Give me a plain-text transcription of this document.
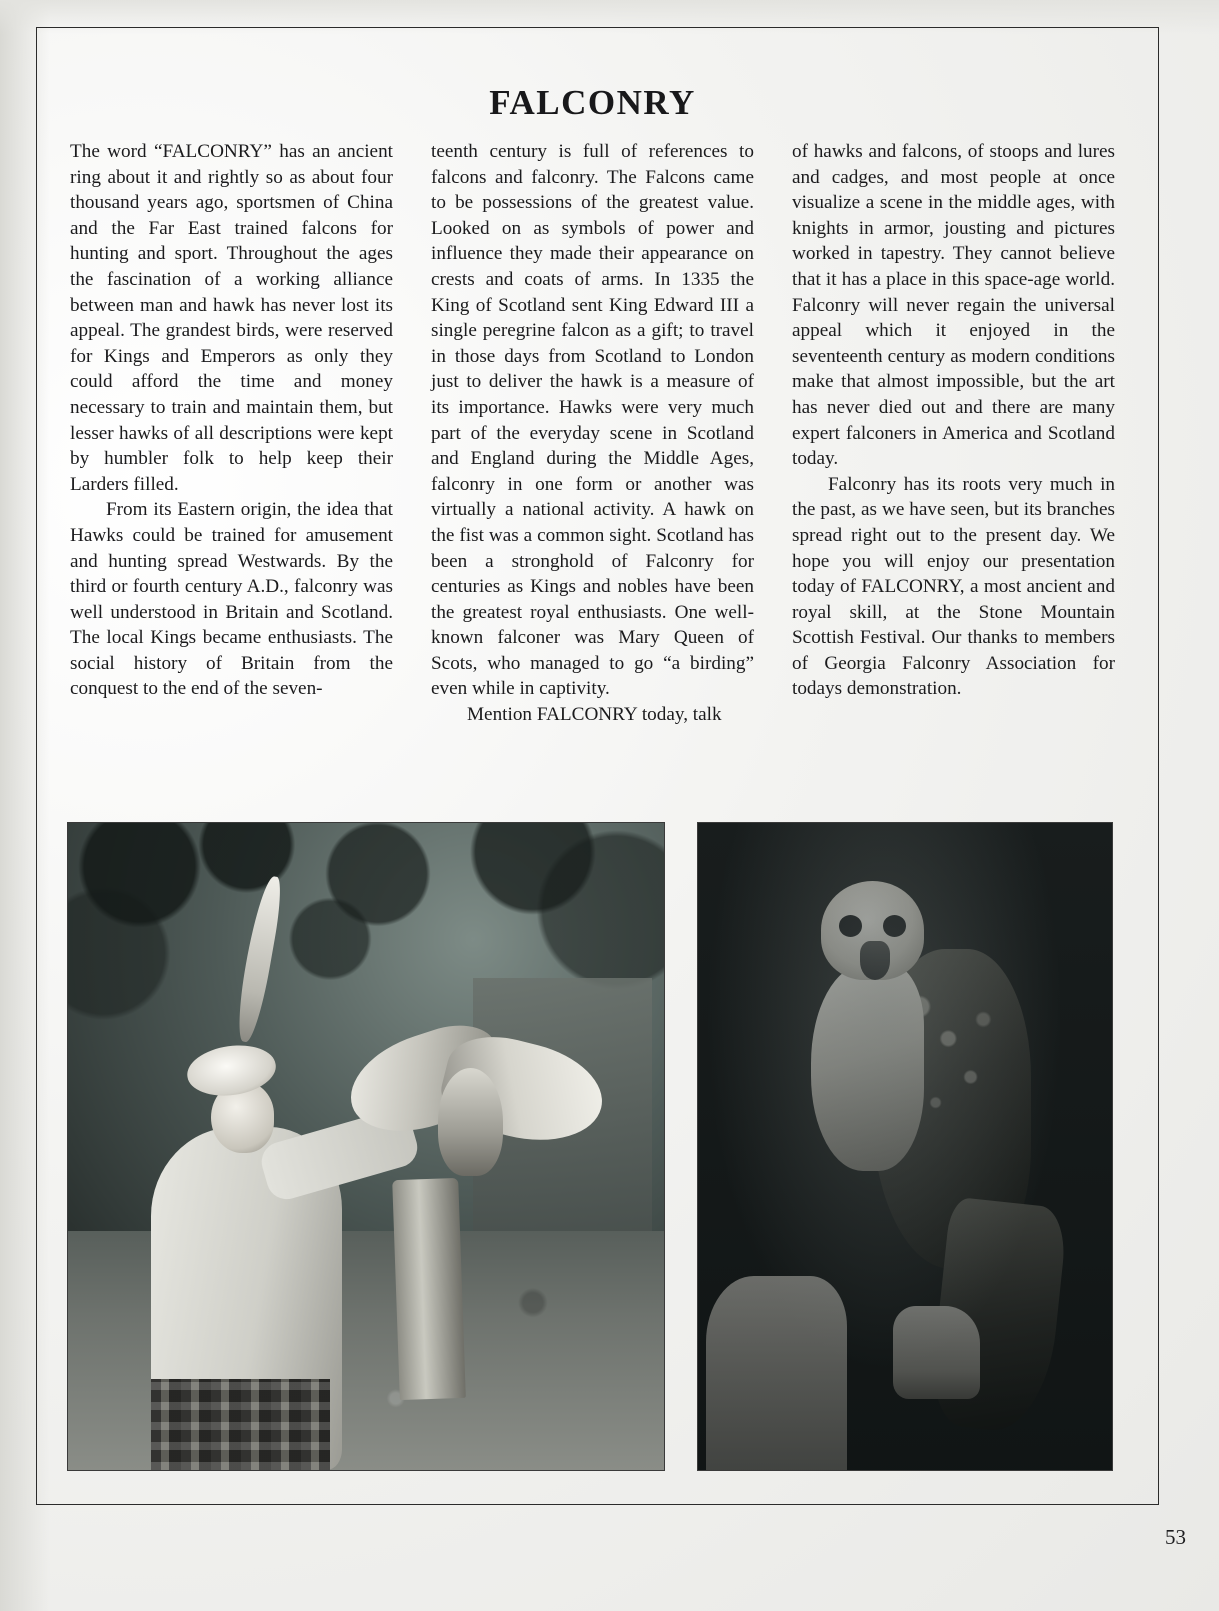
FALCONRY

The word “FALCONRY” has an ancient ring about it and rightly so as about four thousand years ago, sportsmen of China and the Far East trained falcons for hunting and sport. Throughout the ages the fascination of a working alliance between man and hawk has never lost its appeal. The grandest birds, were reserved for Kings and Emperors as only they could afford the time and money necessary to train and maintain them, but lesser hawks of all descriptions were kept by humbler folk to help keep their Larders filled.

From its Eastern origin, the idea that Hawks could be trained for amusement and hunting spread Westwards. By the third or fourth century A.D., falconry was well understood in Britain and Scotland. The local Kings became enthusiasts. The social history of Britain from the conquest to the end of the seven-

teenth century is full of references to falcons and falconry. The Falcons came to be possessions of the greatest value. Looked on as symbols of power and influence they made their appearance on crests and coats of arms. In 1335 the King of Scotland sent King Edward III a single peregrine falcon as a gift; to travel in those days from Scotland to London just to deliver the hawk is a measure of its importance. Hawks were very much part of the everyday scene in Scotland and England during the Middle Ages, falconry in one form or another was virtually a national activity. A hawk on the fist was a common sight. Scotland has been a stronghold of Falconry for centuries as Kings and nobles have been the greatest royal enthusiasts. One well-known falconer was Mary Queen of Scots, who managed to go “a birding” even while in captivity.

Mention FALCONRY today, talk

of hawks and falcons, of stoops and lures and cadges, and most people at once visualize a scene in the middle ages, with knights in armor, jousting and pictures worked in tapestry. They cannot believe that it has a place in this space-age world. Falconry will never regain the universal appeal which it enjoyed in the seventeenth century as modern conditions make that almost impossible, but the art has never died out and there are many expert falconers in America and Scotland today.

Falconry has its roots very much in the past, as we have seen, but its branches spread right out to the present day. We hope you will enjoy our presentation today of FALCONRY, a most ancient and royal skill, at the Stone Mountain Scottish Festival. Our thanks to members of Georgia Falconry Association for todays demonstration.

53
